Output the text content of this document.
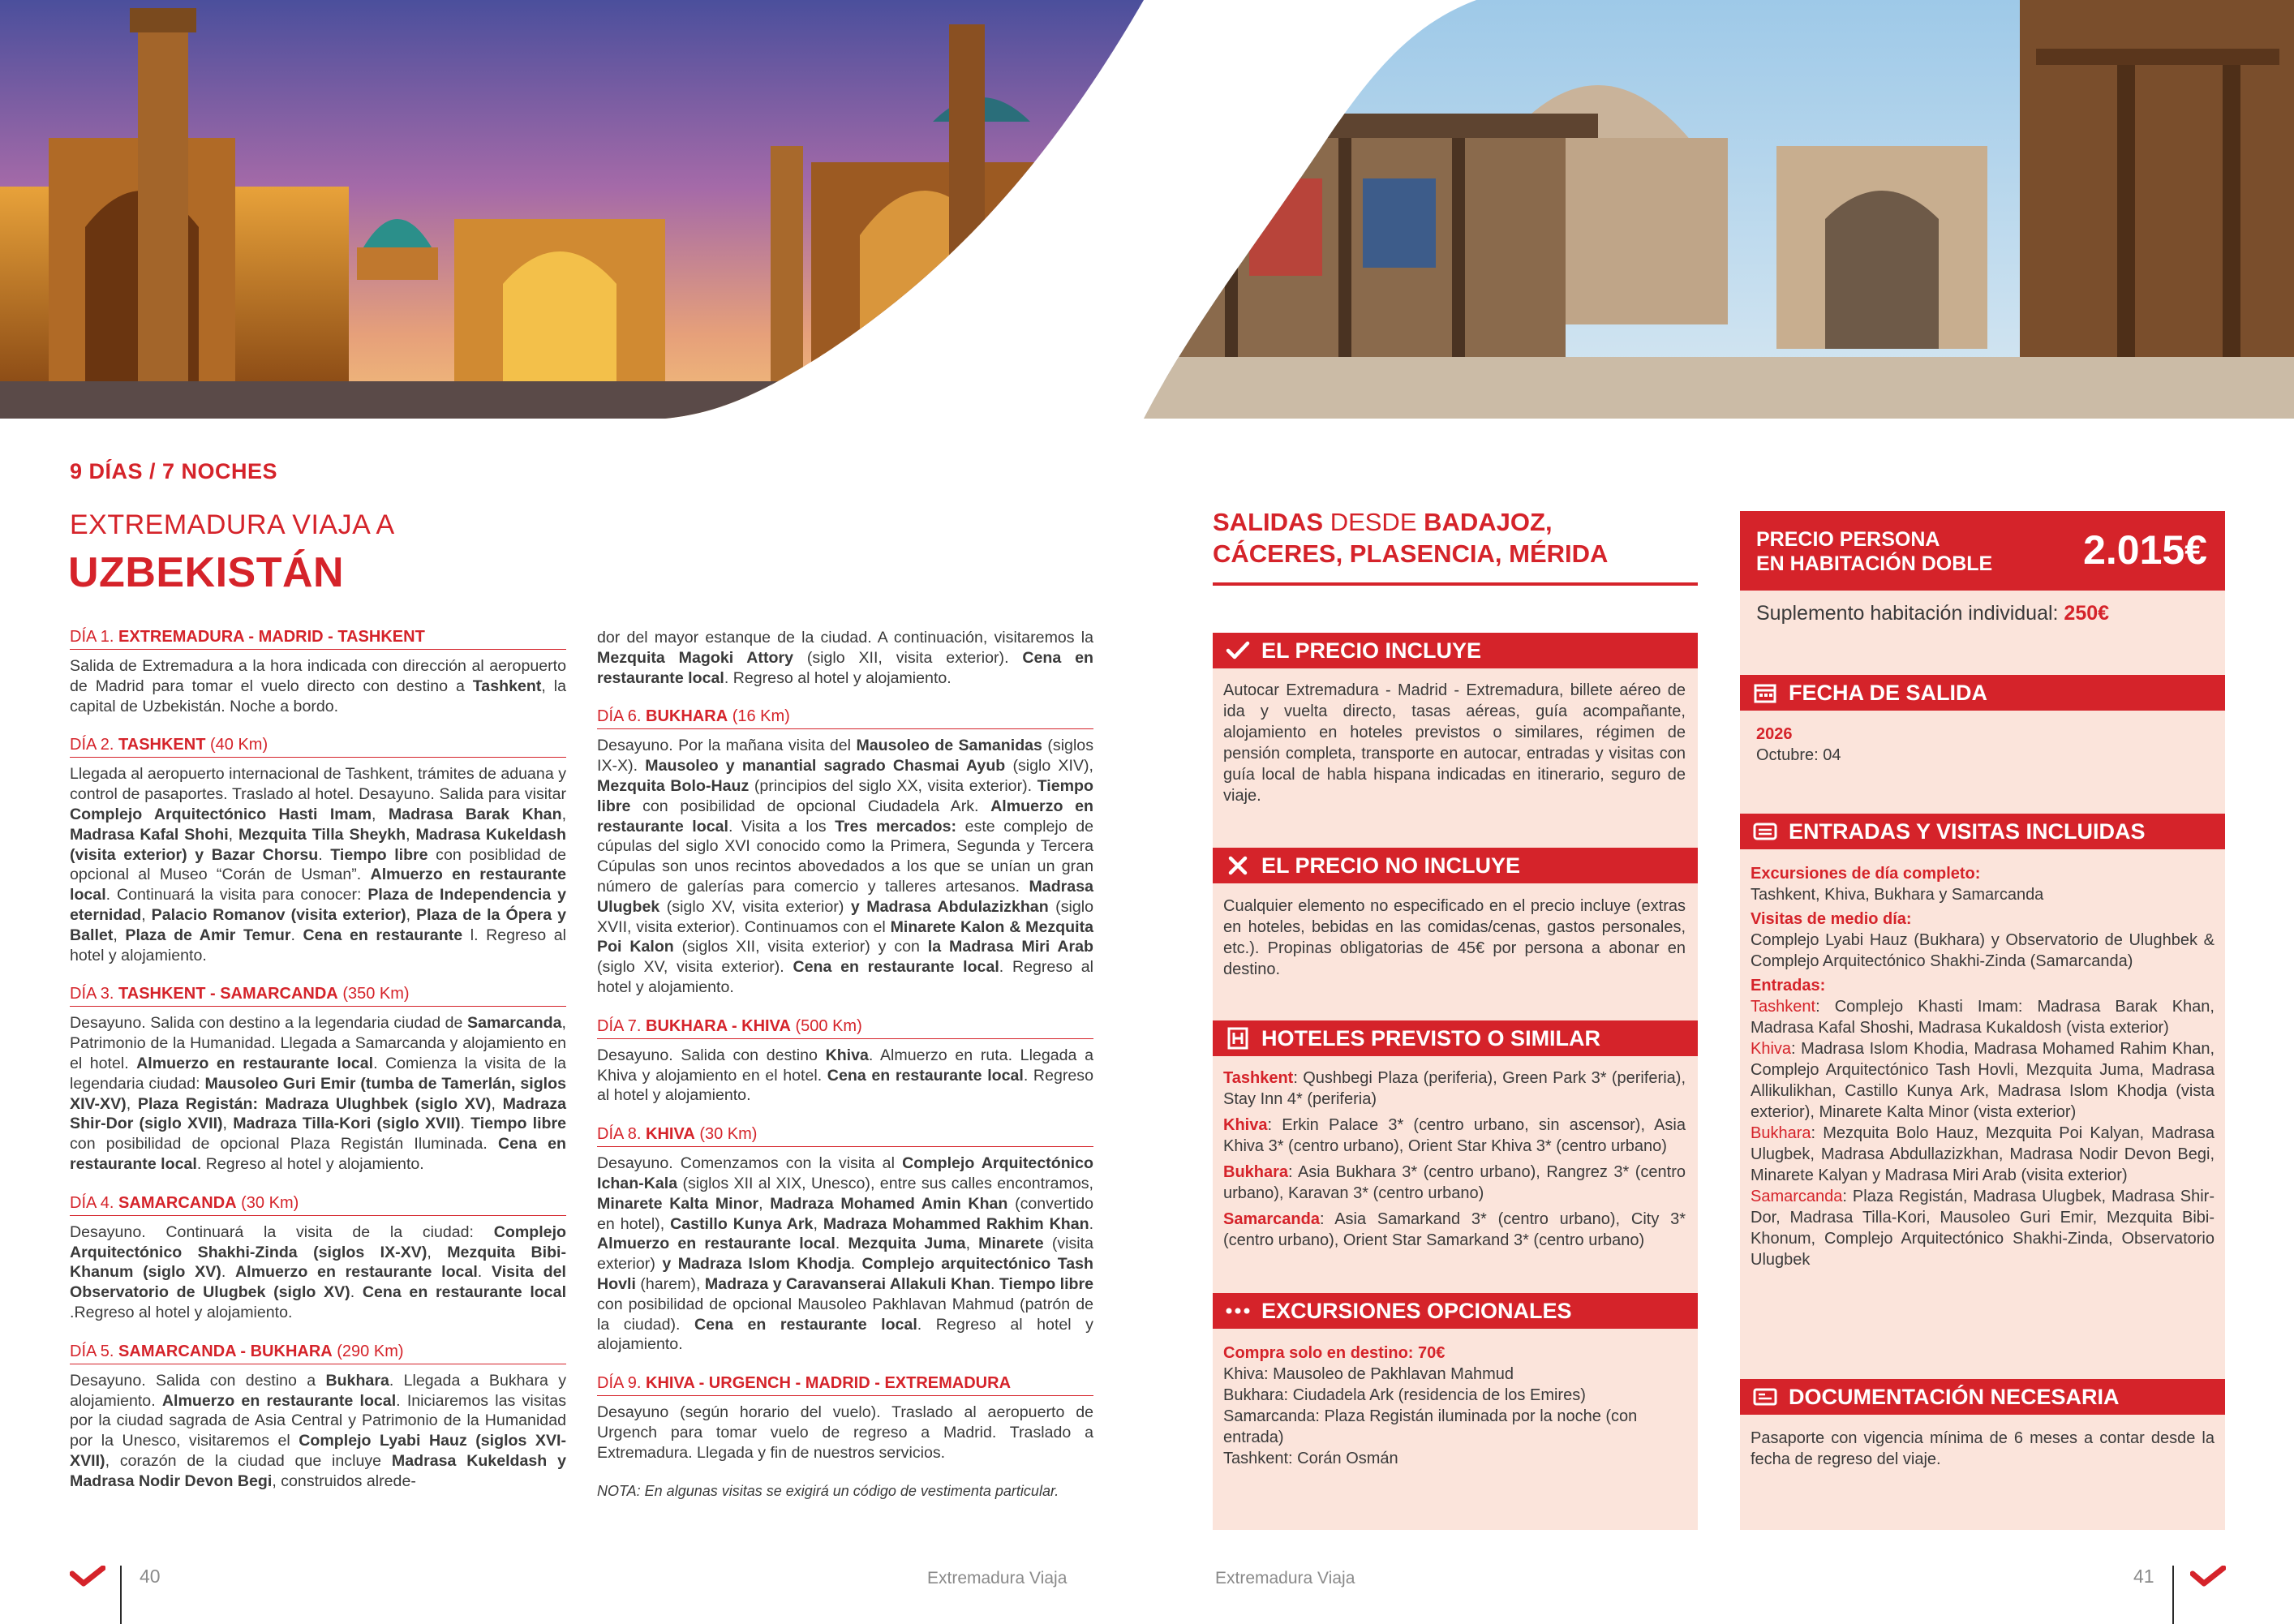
9 DÍAS / 7 NOCHES
EXTREMADURA VIAJA A
UZBEKISTÁN
DÍA 1. EXTREMADURA - MADRID - TASHKENT
Salida de Extremadura a la hora indicada con dirección al aeropuerto de Madrid para tomar el vuelo directo con destino a Tashkent, la capital de Uzbekistán. Noche a bordo.
DÍA 2. TASHKENT (40 Km)
Llegada al aeropuerto internacional de Tashkent, trámites de aduana y control de pasaportes. Traslado al hotel. Desayuno. Salida para visitar Complejo Arquitectónico Hasti Imam, Madrasa Barak Khan, Madrasa Kafal Shohi, Mezquita Tilla Sheykh, Madrasa Kukeldash (visita exterior) y Bazar Chorsu. Tiempo libre con posiblidad de opcional al Museo “Corán de Usman”. Almuerzo en restaurante local. Continuará la visita para conocer: Plaza de Independencia y eternidad, Palacio Romanov (visita exterior), Plaza de la Ópera y Ballet, Plaza de Amir Temur. Cena en restaurante l. Regreso al hotel y alojamiento.
DÍA 3. TASHKENT - SAMARCANDA (350 Km)
Desayuno. Salida con destino a la legendaria ciudad de Samarcanda, Patrimonio de la Humanidad. Llegada a Samarcanda y alojamiento en el hotel. Almuerzo en restaurante local. Comienza la visita de la legendaria ciudad: Mausoleo Guri Emir (tumba de Tamerlán, siglos XIV-XV), Plaza Registán: Madraza Ulughbek (siglo XV), Madraza Shir-Dor (siglo XVII), Madraza Tilla-Kori (siglo XVII). Tiempo libre con posibilidad de opcional Plaza Registán Iluminada. Cena en restaurante local. Regreso al hotel y alojamiento.
DÍA 4. SAMARCANDA (30 Km)
Desayuno. Continuará la visita de la ciudad: Complejo Arquitectónico Shakhi-Zinda (siglos IX-XV), Mezquita Bibi-Khanum (siglo XV). Almuerzo en restaurante local. Visita del Observatorio de Ulugbek (siglo XV). Cena en restaurante local .Regreso al hotel y alojamiento.
DÍA 5. SAMARCANDA - BUKHARA (290 Km)
Desayuno. Salida con destino a Bukhara. Llegada a Bukhara y alojamiento. Almuerzo en restaurante local. Iniciaremos las visitas por la ciudad sagrada de Asia Central y Patrimonio de la Humanidad por la Unesco, visitaremos el Complejo Lyabi Hauz (siglos XVI-XVII), corazón de la ciudad que incluye Madrasa Kukeldash y Madrasa Nodir Devon Begi, construidos alrede-
dor del mayor estanque de la ciudad. A continuación, visitaremos la Mezquita Magoki Attory (siglo XII, visita exterior). Cena en restaurante local. Regreso al hotel y alojamiento.
DÍA 6. BUKHARA (16 Km)
Desayuno. Por la mañana visita del Mausoleo de Samanidas (siglos IX-X). Mausoleo y manantial sagrado Chasmai Ayub (siglo XIV), Mezquita Bolo-Hauz (principios del siglo XX, visita exterior). Tiempo libre con posibilidad de opcional Ciudadela Ark. Almuerzo en restaurante local. Visita a los Tres mercados: este complejo de cúpulas del siglo XVI conocido como la Primera, Segunda y Tercera Cúpulas son unos recintos abovedados a los que se unían un gran número de galerías para comercio y talleres artesanos. Madrasa Ulugbek (siglo XV, visita exterior) y Madrasa Abdulazizkhan (siglo XVII, visita exterior). Continuamos con el Minarete Kalon & Mezquita Poi Kalon (siglos XII, visita exterior) y con la Madrasa Miri Arab (siglo XV, visita exterior). Cena en restaurante local. Regreso al hotel y alojamiento.
DÍA 7. BUKHARA - KHIVA (500 Km)
Desayuno. Salida con destino Khiva. Almuerzo en ruta. Llegada a Khiva y alojamiento en el hotel. Cena en restaurante local. Regreso al hotel y alojamiento.
DÍA 8. KHIVA (30 Km)
Desayuno. Comenzamos con la visita al Complejo Arquitectónico Ichan-Kala (siglos XII al XIX, Unesco), entre sus calles encontramos, Minarete Kalta Minor, Madraza Mohamed Amin Khan (convertido en hotel), Castillo Kunya Ark, Madraza Mohammed Rakhim Khan. Almuerzo en restaurante local. Mezquita Juma, Minarete (visita exterior) y Madraza Islom Khodja. Complejo arquitectónico Tash Hovli (harem), Madraza y Caravanserai Allakuli Khan. Tiempo libre con posibilidad de opcional Mausoleo Pakhlavan Mahmud (patrón de la ciudad). Cena en restaurante local. Regreso al hotel y alojamiento.
DÍA 9. KHIVA - URGENCH - MADRID - EXTREMADURA
Desayuno (según horario del vuelo). Traslado al aeropuerto de Urgench para tomar vuelo de regreso a Madrid. Traslado a Extremadura. Llegada y fin de nuestros servicios.
NOTA: En algunas visitas se exigirá un código de vestimenta particular.
SALIDAS DESDE BADAJOZ,
CÁCERES, PLASENCIA, MÉRIDA
EL PRECIO INCLUYE
Autocar Extremadura - Madrid - Extremadura, billete aéreo de ida y vuelta directo, tasas aéreas, guía acompañante, alojamiento en hoteles previstos o similares, régimen de pensión completa, transporte en autocar, entradas y visitas con guía local de habla hispana indicadas en itinerario, seguro de viaje.
EL PRECIO NO INCLUYE
Cualquier elemento no especificado en el precio incluye (extras en hoteles, bebidas en las comidas/cenas, gastos personales, etc.). Propinas obligatorias de 45€ por persona a abonar en destino.
HOTELES PREVISTO O SIMILAR

Tashkent: Qushbegi Plaza (periferia), Green Park 3* (periferia), Stay Inn 4* (periferia)

Khiva: Erkin Palace 3* (centro urbano, sin ascensor), Asia Khiva 3* (centro urbano), Orient Star Khiva 3* (centro urbano)

Bukhara: Asia Bukhara 3* (centro urbano), Rangrez 3* (centro urbano), Karavan 3* (centro urbano)

Samarcanda: Asia Samarkand 3* (centro urbano), City 3* (centro urbano), Orient Star Samarkand 3* (centro urbano)

EXCURSIONES OPCIONALES

Compra solo en destino: 70€

Khiva: Mausoleo de Pakhlavan Mahmud

Bukhara: Ciudadela Ark (residencia de los Emires)

Samarcanda: Plaza Registán iluminada por la noche (con entrada)

Tashkent: Corán Osmán

PRECIO PERSONA
EN HABITACIÓN DOBLE 2.015€
Suplemento habitación individual: 250€
FECHA DE SALIDA

2026

Octubre: 04

ENTRADAS Y VISITAS INCLUIDAS

Excursiones de día completo:

Tashkent, Khiva, Bukhara y Samarcanda

Visitas de medio día:

Complejo Lyabi Hauz (Bukhara) y Observatorio de Ulughbek & Complejo Arquitectónico Shakhi-Zinda (Samarcanda)

Entradas:

Tashkent: Complejo Khasti Imam: Madrasa Barak Khan, Madrasa Kafal Shoshi, Madrasa Kukaldosh (vista exterior)

Khiva: Madrasa Islom Khodia, Madrasa Mohamed Rahim Khan, Complejo Arquitectónico Tash Hovli, Mezquita Juma, Madrasa Allikulikhan, Castillo Kunya Ark, Madrasa Islom Khodja (vista exterior), Minarete Kalta Minor (vista exterior)

Bukhara: Mezquita Bolo Hauz, Mezquita Poi Kalyan, Madrasa Ulugbek, Madrasa Abdullazizkhan, Madrasa Nodir Devon Begi, Minarete Kalyan y Madrasa Miri Arab (visita exterior)

Samarcanda: Plaza Registán, Madrasa Ulugbek, Madrasa Shir-Dor, Madrasa Tilla-Kori, Mausoleo Guri Emir, Mezquita Bibi-Khonum, Complejo Arquitectónico Shakhi-Zinda, Observatorio Ulugbek

DOCUMENTACIÓN NECESARIA
Pasaporte con vigencia mínima de 6 meses a contar desde la fecha de regreso del viaje.
40	Extremadura Viaja	Extremadura Viaja	41
